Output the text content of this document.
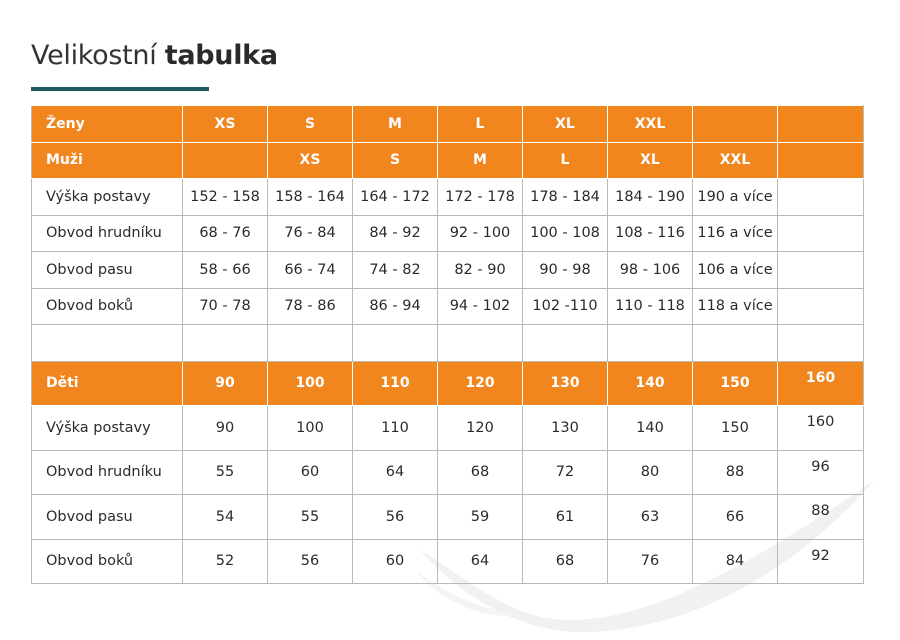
Velikostní tabulka
Ženy	XS	S	M	L	XL	XXL		
Muži		XS	S	M	L	XL	XXL	
Výška postavy	152 - 158	158 - 164	164 - 172	172 - 178	178 - 184	184 - 190	190 a více	
Obvod hrudníku	68 - 76	76 - 84	84 - 92	92 - 100	100 - 108	108 - 116	116 a více	
Obvod pasu	58 - 66	66 - 74	74 - 82	82 - 90	90 - 98	98 - 106	106 a více	
Obvod boků	70 - 78	78 - 86	86 - 94	94 - 102	102 -110	110 - 118	118 a více	

Děti	90	100	110	120	130	140	150	160
Výška postavy	90	100	110	120	130	140	150	160
Obvod hrudníku	55	60	64	68	72	80	88	96
Obvod pasu	54	55	56	59	61	63	66	88
Obvod boků	52	56	60	64	68	76	84	92
